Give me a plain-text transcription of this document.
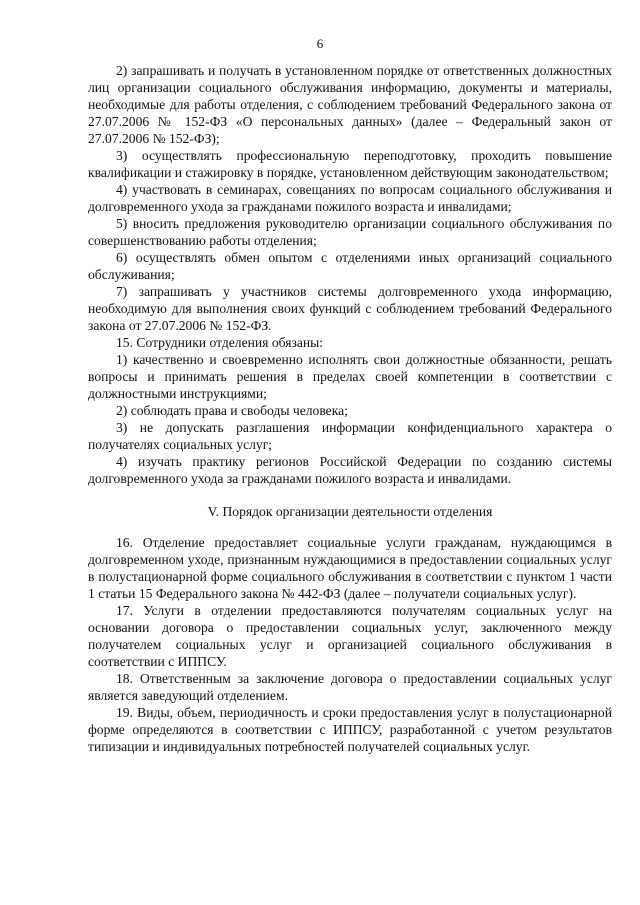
6

2) запрашивать и получать в установленном порядке от ответственных должностных лиц организации социального обслуживания информацию, документы и материалы, необходимые для работы отделения, с соблюдением требований Федерального закона от 27.07.2006 № 152-ФЗ «О персональных данных» (далее – Федеральный закон от 27.07.2006 № 152-ФЗ);

3) осуществлять профессиональную переподготовку, проходить повышение квалификации и стажировку в порядке, установленном действующим законодательством;

4) участвовать в семинарах, совещаниях по вопросам социального обслуживания и долговременного ухода за гражданами пожилого возраста и инвалидами;

5) вносить предложения руководителю организации социального обслуживания по совершенствованию работы отделения;

6) осуществлять обмен опытом с отделениями иных организаций социального обслуживания;

7) запрашивать у участников системы долговременного ухода информацию, необходимую для выполнения своих функций с соблюдением требований Федерального закона от 27.07.2006 № 152-ФЗ.

15. Сотрудники отделения обязаны:

1) качественно и своевременно исполнять свои должностные обязанности, решать вопросы и принимать решения в пределах своей компетенции в соответствии с должностными инструкциями;

2) соблюдать права и свободы человека;

3) не допускать разглашения информации конфиденциального характера о получателях социальных услуг;

4) изучать практику регионов Российской Федерации по созданию системы долговременного ухода за гражданами пожилого возраста и инвалидами.

V. Порядок организации деятельности отделения

16. Отделение предоставляет социальные услуги гражданам, нуждающимся в долговременном уходе, признанным нуждающимися в предоставлении социальных услуг в полустационарной форме социального обслуживания в соответствии с пунктом 1 части 1 статьи 15 Федерального закона № 442-ФЗ (далее – получатели социальных услуг).

17. Услуги в отделении предоставляются получателям социальных услуг на основании договора о предоставлении социальных услуг, заключенного между получателем социальных услуг и организацией социального обслуживания в соответствии с ИППСУ.

18. Ответственным за заключение договора о предоставлении социальных услуг является заведующий отделением.

19. Виды, объем, периодичность и сроки предоставления услуг в полустационарной форме определяются в соответствии с ИППСУ, разработанной с учетом результатов типизации и индивидуальных потребностей получателей социальных услуг.
